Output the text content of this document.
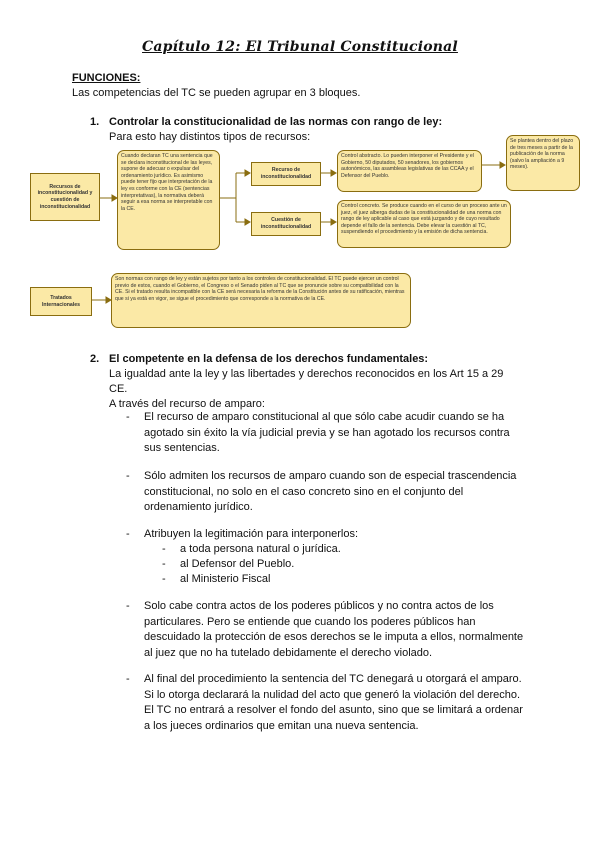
Capítulo 12: El Tribunal Constitucional
FUNCIONES:
Las competencias del TC se pueden agrupar en 3 bloques.
1. Controlar la constitucionalidad de las normas con rango de ley:
Para esto hay distintos tipos de recursos:
Recursos de inconstitucionalidad y cuestión de inconstitucionalidad
Cuando declaran TC una sentencia que se declara inconstitucional de las leyes, supone de adecuar o expulsar del ordenamiento jurídico. Es asimismo puede tener fijo que interpretación de la ley es conforme con la CE (sentencias interpretativas), la normativa deberá seguir a esa norma se interpretable con la CE.
Recurso de inconstitucionalidad
Cuestión de inconstitucionalidad
Control abstracto. Lo pueden interponer el Presidente y el Gobierno, 50 diputados, 50 senadores, los gobiernos autonómicos, las asambleas legislativas de las CCAA y el Defensor del Pueblo.
Control concreto. Se produce cuando en el curso de un proceso ante un juez, el juez alberga dudas de la constitucionalidad de una norma con rango de ley aplicable al caso que está juzgando y de cuyo resultado depende el fallo de la sentencia. Debe elevar la cuestión al TC, suspendiendo el procedimiento y la emisión de dicha sentencia.
Se plantea dentro del plazo de tres meses a partir de la publicación de la norma (salvo la ampliación a 9 meses).
Tratados Internacionales
Son normas con rango de ley y están sujetos por tanto a los controles de constitucionalidad. El TC puede ejercer un control previo de estos, cuando el Gobierno, el Congreso o el Senado piden al TC que se pronuncie sobre su compatibilidad con la CE. Si el tratado resulta incompatible con la CE será necesaria la reforma de la Constitución antes de su ratificación, mientras que si ya está en vigor, se sigue el procedimiento que corresponde a la normativa de la CE.
2. El competente en la defensa de los derechos fundamentales:
La igualdad ante la ley y las libertades y derechos reconocidos en los Art 15 a 29
CE.
A través del recurso de amparo:
- El recurso de amparo constitucional al que sólo cabe acudir cuando se ha agotado sin éxito la vía judicial previa y se han agotado los recursos contra sus sentencias.
- Sólo admiten los recursos de amparo cuando son de especial trascendencia constitucional, no solo en el caso concreto sino en el conjunto del ordenamiento jurídico.
- Atribuyen la legitimación para interponerlos:
- a toda persona natural o jurídica.
- al Defensor del Pueblo.
- al Ministerio Fiscal
- Solo cabe contra actos de los poderes públicos y no contra actos de los particulares. Pero se entiende que cuando los poderes públicos han descuidado la protección de esos derechos se le imputa a ellos, normalmente al juez que no ha tutelado debidamente el derecho violado.
- Al final del procedimiento la sentencia del TC denegará u otorgará el amparo. Si lo otorga declarará la nulidad del acto que generó la violación del derecho. El TC no entrará a resolver el fondo del asunto, sino que se limitará a ordenar a los jueces ordinarios que emitan una nueva sentencia.
